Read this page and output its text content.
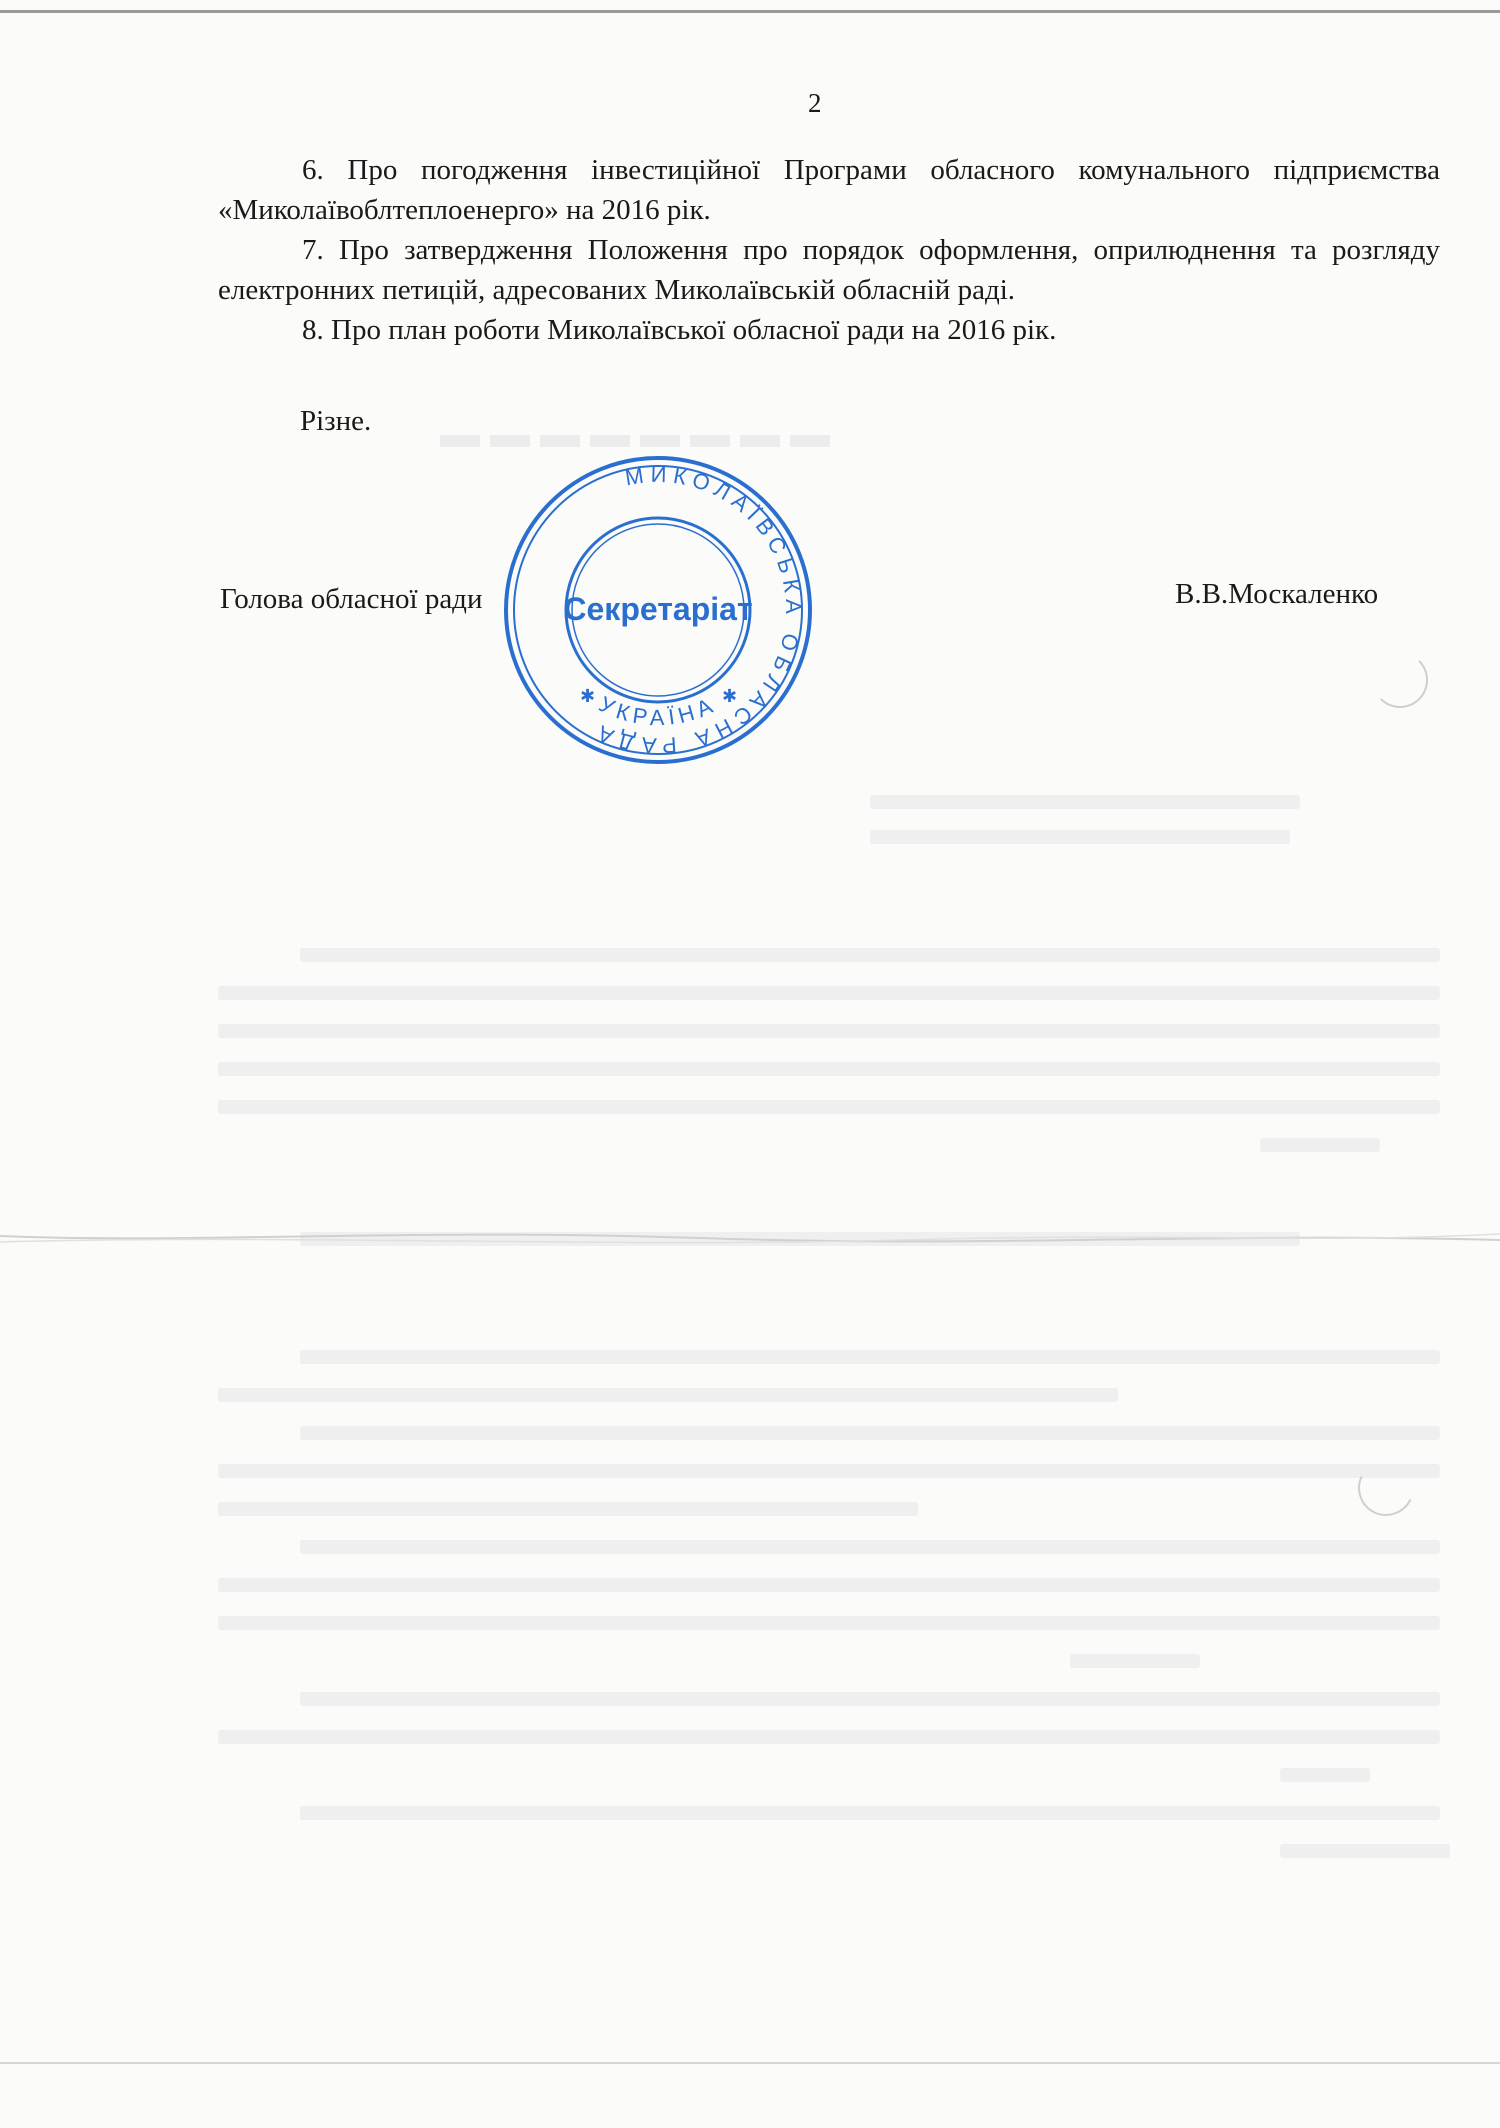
▬▬▬▬▬▬▬▬
2
6. Про погодження інвестиційної Програми обласного комунального підприємства «Миколаївоблтеплоенерго» на 2016 рік.
7. Про затвердження Положення про порядок оформлення, оприлюднення та розгляду електронних петицій, адресованих Миколаївській обласній раді.
8. Про план роботи Миколаївської обласної ради на 2016 рік.
Різне.
Голова обласної ради	В.В.Москаленко
МИКОЛАЇВСЬКА ОБЛАСНА РАДА
УКРАЇНА
✱	✱
Секретаріат
